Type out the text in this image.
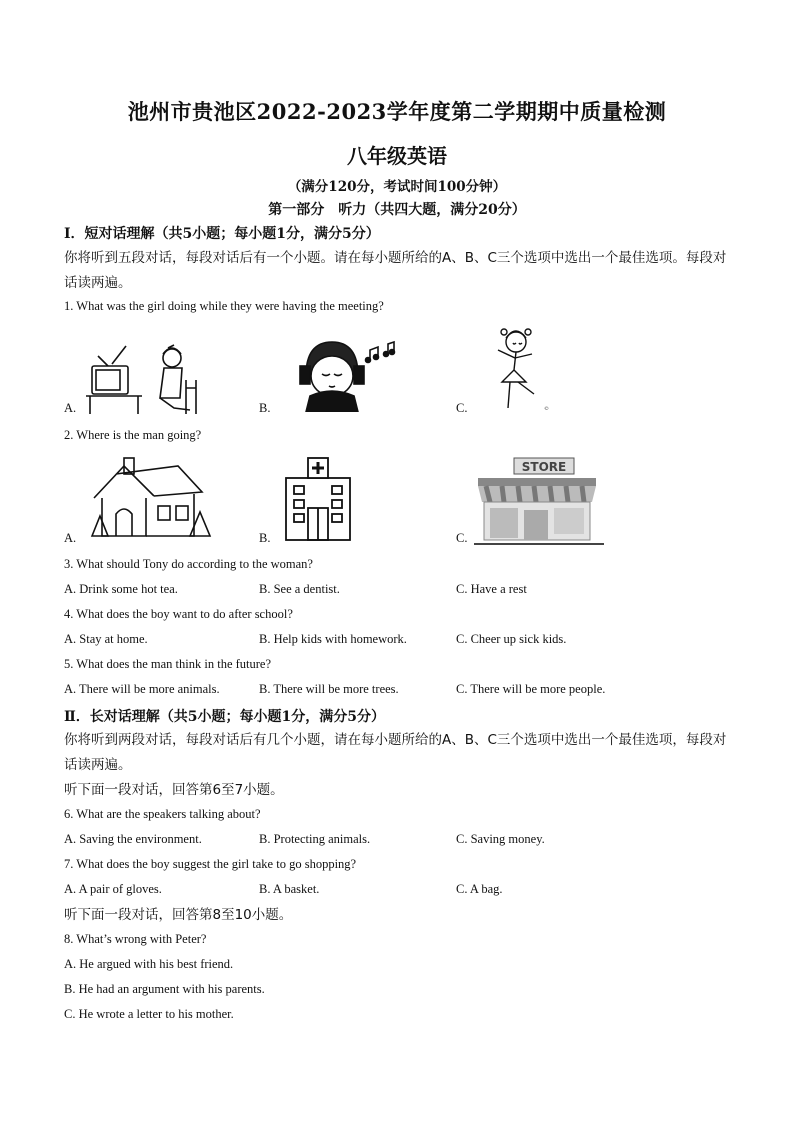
池州市贵池区2022-2023学年度第二学期期中质量检测
八年级英语
（满分120分，考试时间100分钟）
第一部分　听力（共四大题，满分20分）
Ⅰ．短对话理解（共5小题；每小题1分，满分5分）
你将听到五段对话，每段对话后有一个小题。请在每小题所给的A、B、C三个选项中选出一个最佳选项。每段对话读两遍。
1. What was the girl doing while they were having the meeting?
A.	B.	C.	©
2. Where is the man going?
A.	B.	C.
STORE
3. What should Tony do according to the woman?
A. Drink some hot tea.	B. See a dentist.	C. Have a rest
4. What does the boy want to do after school?
A. Stay at home.	B. Help kids with homework.	C. Cheer up sick kids.
5. What does the man think in the future?
A. There will be more animals.	B. There will be more trees.	C. There will be more people.
Ⅱ．长对话理解（共5小题；每小题1分，满分5分）
你将听到两段对话，每段对话后有几个小题，请在每小题所给的A、B、C三个选项中选出一个最佳选项，每段对话读两遍。
听下面一段对话，回答第6至7小题。
6. What are the speakers talking about?
A. Saving the environment.	B. Protecting animals.	C. Saving money.
7. What does the boy suggest the girl take to go shopping?
A. A pair of gloves.	B. A basket.	C. A bag.
听下面一段对话，回答第8至10小题。
8. What’s wrong with Peter?
A. He argued with his best friend.
B. He had an argument with his parents.
C. He wrote a letter to his mother.
